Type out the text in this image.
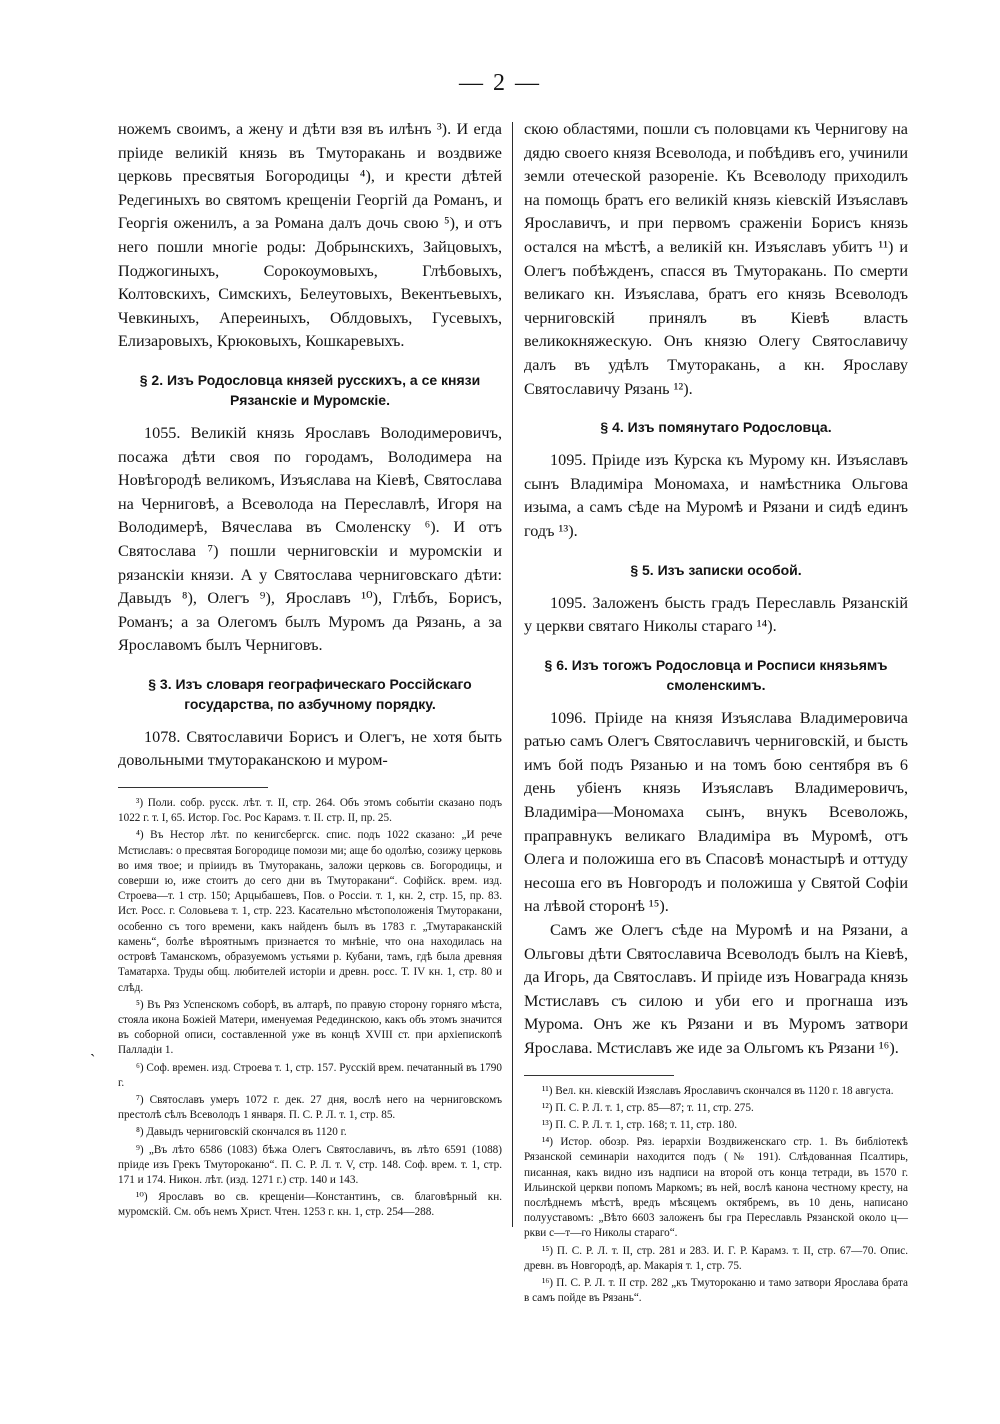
— 2 —

ножемъ своимъ, а жену и дѣти взя въ илѣнъ ³). И егда прiиде великiй князь въ Тмуторакань и воздвиже церковь пресвятыя Богородицы ⁴), и крести дѣтей Редегиныхъ во святомъ крещенiи Георгiй да Романъ, и Георгiя оженилъ, а за Романа далъ дочь свою ⁵), и отъ него пошли многiе роды: Добрынскихъ, Зайцовыхъ, Поджогиныхъ, Сорокоумовыхъ, Глѣбовыхъ, Колтовскихъ, Симскихъ, Белеутовыхъ, Векентьевыхъ, Чевкиныхъ, Апереиныхъ, Облдовыхъ, Гусевыхъ, Елизаровыхъ, Крюковыхъ, Кошкаревыхъ.

§ 2. Изъ Родословца князей русскихъ, а се князи Рязанскiе и Муромскiе.

1055. Великiй князь Ярославъ Володимеровичъ, посажа дѣти своя по городамъ, Володимера на Новѣгородѣ великомъ, Изъяслава на Кiевѣ, Святослава на Черниговѣ, а Всеволода на Переславлѣ, Игоря на Володимерѣ, Вячеслава въ Смоленску ⁶). И отъ Святослава ⁷) пошли черниговскiи и муромскiи и рязанскiи князи. А у Святослава черниговскаго дѣти: Давыдъ ⁸), Олегъ ⁹), Ярославъ ¹⁰), Глѣбъ, Борисъ, Романъ; а за Олегомъ былъ Муромъ да Рязань, а за Ярославомъ былъ Черниговъ.

§ 3. Изъ словаря географическаго Россiйскаго государства, по азбучному порядку.

1078. Святославичи Борисъ и Олегъ, не хотя быть довольными тмутораканскою и муром-

³) Поли. собр. русск. лѣт. т. II, стр. 264. Объ этомъ событiи сказано подъ 1022 г. т. I, 65. Истор. Гос. Рос Карамз. т. II. стр. II, пр. 25.

⁴) Въ Нестор лѣт. по кенигсбергск. спис. подъ 1022 сказано: „И рече Мстиславъ: о пресвятая Богородице помози ми; аще бо одолѣю, созижу церковь во имя твое; и прiиидъ въ Тмуторакань, заложи церковь св. Богородицы, и соверши ю, иже стоитъ до сего дни въ Тмуторакани“. Софiйск. врем. изд. Строева—т. 1 стр. 150; Арцыбашевъ, Пов. о Россiи. т. 1, кн. 2, стр. 15, пр. 83. Ист. Росс. г. Соловьева т. 1, стр. 223. Касательно мѣстоположенiя Тмуторакани, особенно съ того времени, какъ найденъ былъ въ 1783 г. „Тмутараканскiй камень“, болѣе вѣроятнымъ признается то мнѣнiе, что она находилась на островѣ Таманскомъ, образуемомъ устьями р. Кубани, тамъ, гдѣ была древняя Таматарха. Труды общ. любителей исторiи и древн. росс. Т. IV кн. 1, стр. 80 и слѣд.

⁵) Въ Ряз Успенскомъ соборѣ, въ алтарѣ, по правую сторону горняго мѣста, стояла икона Божiей Матери, именуемая Редединскою, какъ объ этомъ значится въ соборной описи, составленной уже въ концѣ XVIII ст. при архiепископѣ Палладiи 1.

⁶) Соф. времен. изд. Строева т. 1, стр. 157. Русскiй врем. печатанный въ 1790 г.

⁷) Святославъ умеръ 1072 г. дек. 27 дня, вослѣ него на черниговскомъ престолѣ сѣлъ Всеволодъ 1 января. П. С. Р. Л. т. 1, стр. 85.

⁸) Давыдъ черниговскiй скончался въ 1120 г.

⁹) „Въ лѣто 6586 (1083) бѣжа Олегъ Святославичъ, въ лѣто 6591 (1088) прiиде изъ Грекъ Тмутороканю“. П. С. Р. Л. т. V, стр. 148. Соф. врем. т. 1, стр. 171 и 174. Никон. лѣт. (изд. 1271 г.) стр. 140 и 143.

¹⁰) Ярославъ во св. крещенiи—Константинъ, св. благовѣрный кн. муромскiй. См. объ немъ Христ. Чтен. 1253 г. кн. 1, стр. 254—288.

скою областями, пошли съ половцами къ Чернигову на дядю своего князя Всеволода, и побѣдивъ его, учинили земли отеческой разоренiе. Къ Всеволоду приходилъ на помощь братъ его великiй князь кiевскiй Изъяславъ Ярославичъ, и при первомъ сраженiи Борисъ князь остался на мѣстѣ, а великiй кн. Изъяславъ убитъ ¹¹) и Олегъ побѣжденъ, спасся въ Тмуторакань. По смерти великаго кн. Изъяслава, братъ его князь Всеволодъ черниговскiй принялъ въ Кiевѣ власть великокняжескую. Онъ князю Олегу Святославичу далъ въ удѣлъ Тмуторакань, а кн. Ярославу Святославичу Рязань ¹²).

§ 4. Изъ помянутаго Родословца.

1095. Прiиде изъ Курска къ Мурому кн. Изъяславъ сынъ Владимiра Мономаха, и намѣстника Ольгова изыма, а самъ сѣде на Муромѣ и Рязани и сидѣ единъ годъ ¹³).

§ 5. Изъ записки особой.

1095. Заложенъ бысть градъ Переславль Рязанскiй у церкви святаго Николы стараго ¹⁴).

§ 6. Изъ тогожъ Родословца и Росписи князьямъ смоленскимъ.

1096. Прiиде на князя Изъяслава Владимеровича ратью самъ Олегъ Святославичъ черниговскiй, и бысть имъ бой подъ Рязанью и на томъ бою сентября въ 6 день убiенъ князь Изъяславъ Владимеровичъ, Владимiра—Мономаха сынъ, внукъ Всеволожь, праправнукъ великаго Владимiра въ Муромѣ, отъ Олега и положиша его въ Спасовѣ монастырѣ и оттуду несоша его въ Новгородъ и положиша у Святой Софiи на лѣвой сторонѣ ¹⁵).

Самъ же Олегъ сѣде на Муромѣ и на Рязани, а Ольговы дѣти Святославича Всеволодъ былъ на Кiевѣ, да Игорь, да Святославъ. И прiиде изъ Новаграда князь Мстиславъ съ силою и уби его и прогнаша изъ Мурома. Онъ же къ Рязани и въ Муромъ затвори Ярослава. Мстиславъ же иде за Ольгомъ къ Рязани ¹⁶).

¹¹) Вел. кн. кiевскiй Изяславъ Ярославичъ скончался въ 1120 г. 18 августа.

¹²) П. С. Р. Л. т. 1, стр. 85—87; т. 11, стр. 275.

¹³) П. С. Р. Л. т. 1, стр. 168; т. 11, стр. 180.

¹⁴) Истор. обозр. Ряз. iерархiи Воздвиженскаго стр. 1. Въ библiотекѣ Рязанской семинарiи находится подъ (№ 191). Слѣдованная Псалтирь, писанная, какъ видно изъ надписи на второй отъ конца тетради, въ 1570 г. Ильинской церкви попомъ Маркомъ; въ ней, вослѣ канона честному кресту, на послѣднемъ мѣстѣ, вредъ мѣсяцемъ октябремъ, въ 10 день, написано полууставомъ: „Вѣто 6603 заложенъ бы гра Переславль Рязанской около ц—ркви с—т—го Николы стараго“.

¹⁵) П. С. Р. Л. т. II, стр. 281 и 283. И. Г. Р. Карамз. т. II, стр. 67—70. Опис. древн. въ Новгородѣ, ар. Макарiя т. 1, стр. 75.

¹⁶) П. С. Р. Л. т. II стр. 282 „къ Тмутороканю и тамо затвори Ярослава брата в самъ пойде въ Рязань“.

`
